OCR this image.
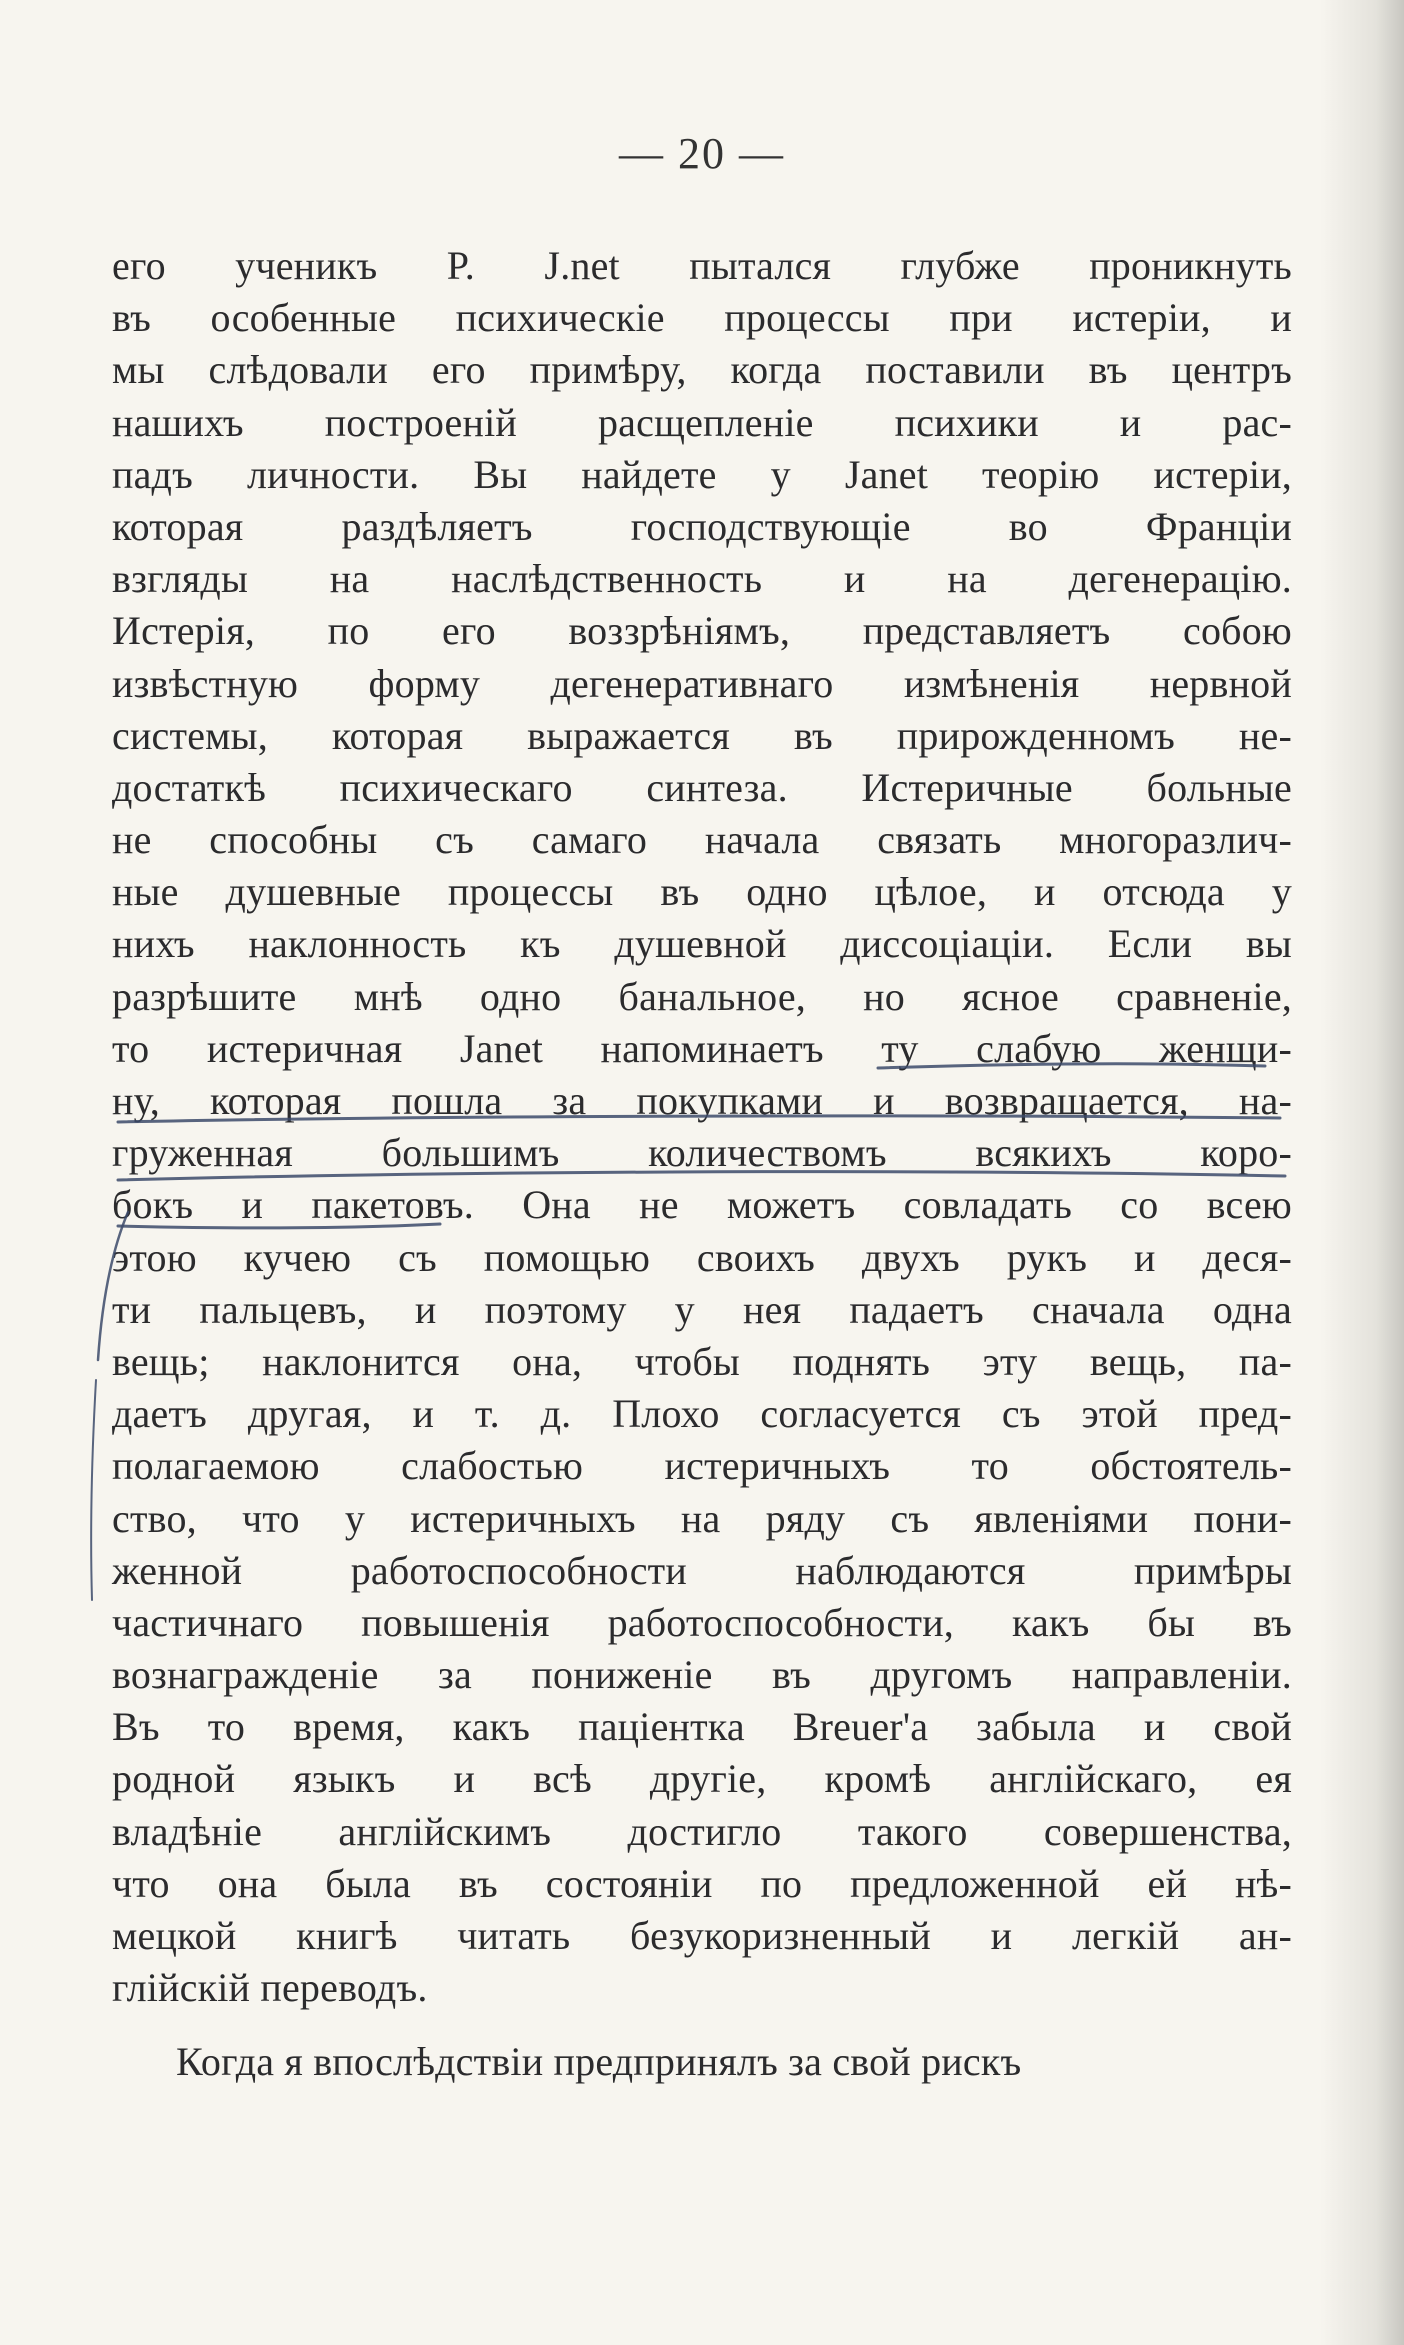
— 20 —
его ученикъ P. J.net пытался глубже проникнуть
въ особенные психическіе процессы при истеріи, и
мы слѣдовали его примѣру, когда поставили въ центръ
нашихъ построеній расщепленіе психики и рас-
падъ личности. Вы найдете у Janet теорію истеріи,
которая раздѣляетъ господствующіе во Франціи
взгляды на наслѣдственность и на дегенерацію.
Истерія, по его воззрѣніямъ, представляетъ собою
извѣстную форму дегенеративнаго измѣненія нервной
системы, которая выражается въ прирожденномъ не-
достаткѣ психическаго синтеза. Истеричные больные
не способны съ самаго начала связать многоразлич-
ные душевные процессы въ одно цѣлое, и отсюда у
нихъ наклонность къ душевной диссоціаціи. Если вы
разрѣшите мнѣ одно банальное, но ясное сравненіе,
то истеричная Janet напоминаетъ ту слабую женщи-
ну, которая пошла за покупками и возвращается, на-
груженная большимъ количествомъ всякихъ коро-
бокъ и пакетовъ. Она не можетъ совладать со всею
этою кучею съ помощью своихъ двухъ рукъ и деся-
ти пальцевъ, и поэтому у нея падаетъ сначала одна
вещь; наклонится она, чтобы поднять эту вещь, па-
даетъ другая, и т. д. Плохо согласуется съ этой пред-
полагаемою слабостью истеричныхъ то обстоятель-
ство, что у истеричныхъ на ряду съ явленіями пони-
женной работоспособности наблюдаются примѣры
частичнаго повышенія работоспособности, какъ бы въ
вознагражденіе за пониженіе въ другомъ направленіи.
Въ то время, какъ паціентка Breuer'а забыла и свой
родной языкъ и всѣ другіе, кромѣ англійскаго, ея
владѣніе англійскимъ достигло такого совершенства,
что она была въ состояніи по предложенной ей нѣ-
мецкой книгѣ читать безукоризненный и легкій ан-
глійскій переводъ.
Когда я впослѣдствіи предпринялъ за свой рискъ
